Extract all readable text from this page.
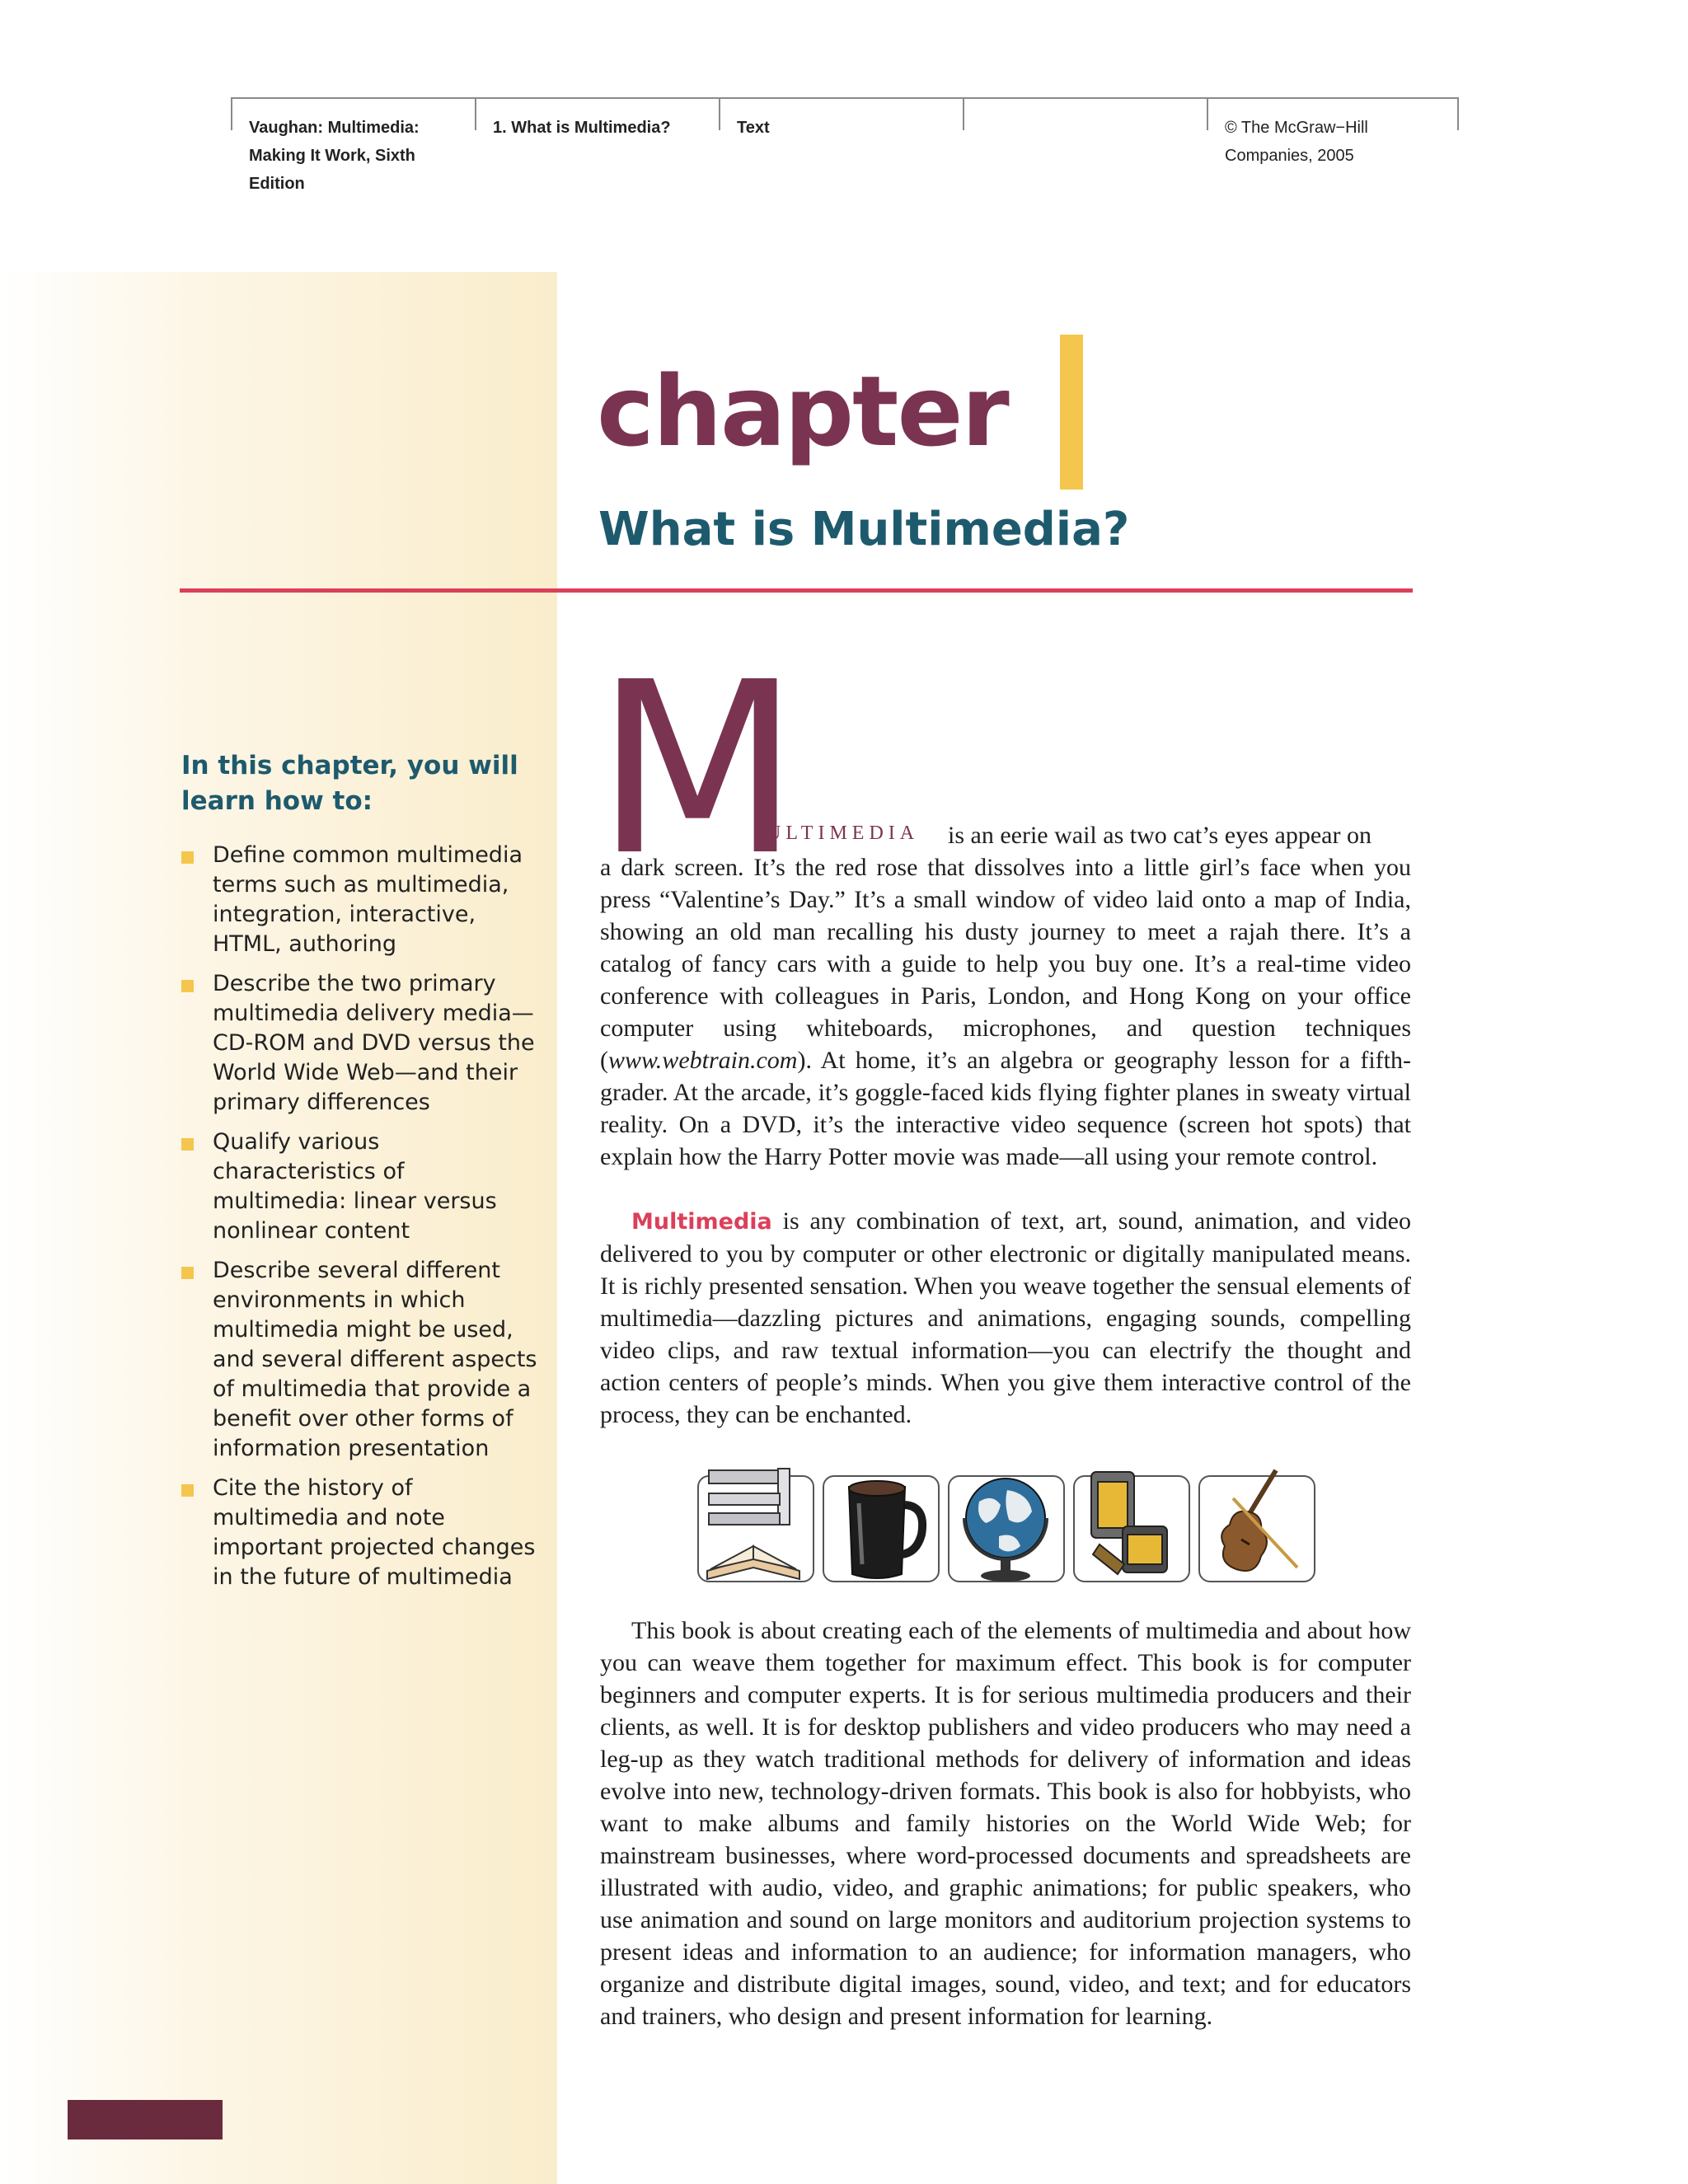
Vaughan: Multimedia:
Making It Work, Sixth
Edition
1. What is Multimedia?	Text	© The McGraw−Hill
Companies, 2005
chapter
What is Multimedia?
In this chapter, you will learn how to:
Define common multimedia terms such as multimedia, integration, interactive, HTML, authoring
Describe the two primary multimedia delivery media—CD-ROM and DVD versus the World Wide Web—and their primary differences
Qualify various characteristics of multimedia: linear versus nonlinear content
Describe several different environments in which multimedia might be used, and several different aspects of multimedia that provide a benefit over other forms of information presentation
Cite the history of multimedia and note important projected changes in the future of multimedia
M
ULTIMEDIA is an eerie wail as two cat’s eyes appear on

a dark screen. It’s the red rose that dissolves into a little girl’s face when you press “Valentine’s Day.” It’s a small window of video laid onto a map of India, showing an old man recalling his dusty journey to meet a rajah there. It’s a catalog of fancy cars with a guide to help you buy one. It’s a real-time video conference with colleagues in Paris, London, and Hong Kong on your office computer using whiteboards, microphones, and question techniques (www.webtrain.com). At home, it’s an algebra or geography lesson for a fifth-grader. At the arcade, it’s goggle-faced kids flying fighter planes in sweaty virtual reality. On a DVD, it’s the interactive video sequence (screen hot spots) that explain how the Harry Potter movie was made—all using your remote control.

Multimedia is any combination of text, art, sound, animation, and video delivered to you by computer or other electronic or digitally manipulated means. It is richly presented sensation. When you weave together the sensual elements of multimedia—dazzling pictures and animations, engaging sounds, compelling video clips, and raw textual information—you can electrify the thought and action centers of people’s minds. When you give them interactive control of the process, they can be enchanted.

This book is about creating each of the elements of multimedia and about how you can weave them together for maximum effect. This book is for computer beginners and computer experts. It is for serious multimedia producers and their clients, as well. It is for desktop publishers and video producers who may need a leg-up as they watch traditional methods for delivery of information and ideas evolve into new, technology-driven formats. This book is also for hobbyists, who want to make albums and family histories on the World Wide Web; for mainstream businesses, where word-processed documents and spreadsheets are illustrated with audio, video, and graphic animations; for public speakers, who use animation and sound on large monitors and auditorium projection systems to present ideas and information to an audience; for information managers, who organize and distribute digital images, sound, video, and text; and for educators and trainers, who design and present information for learning.
